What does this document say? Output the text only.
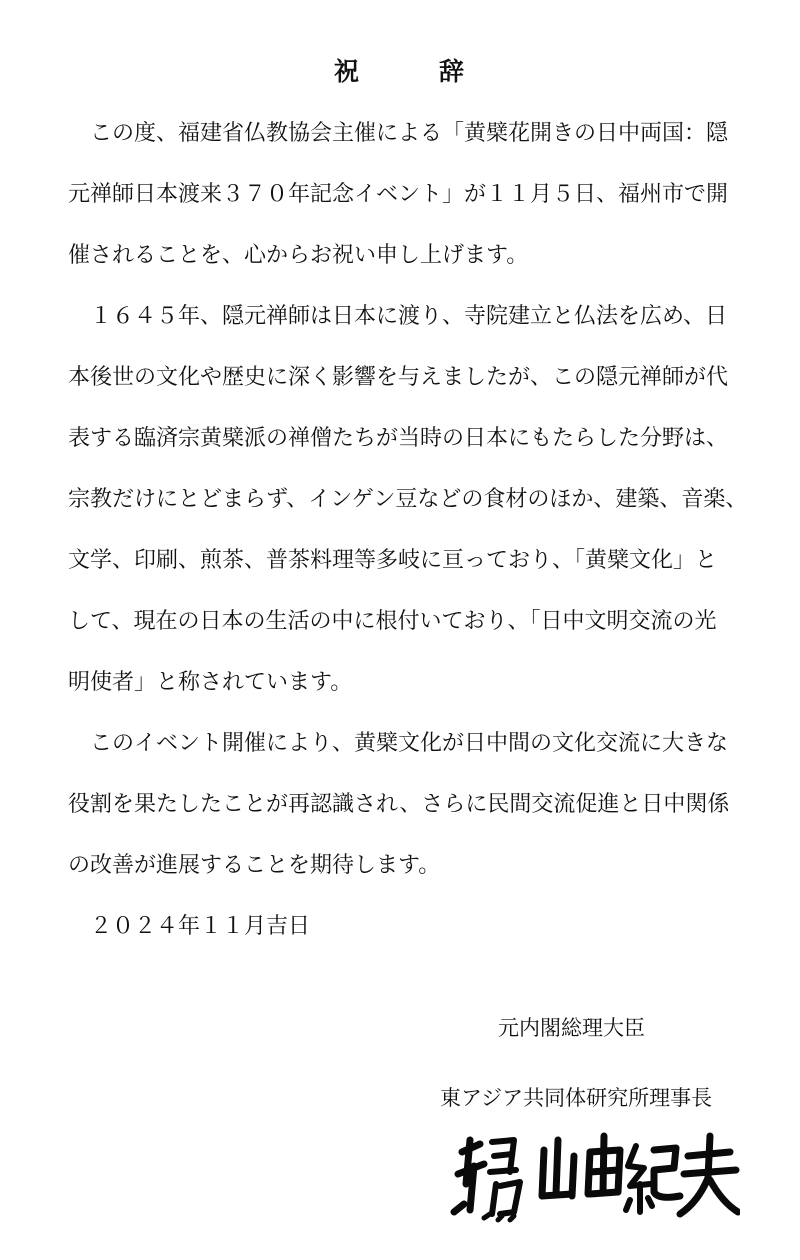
祝	辞
この度、福建省仏教協会主催による「黄檗花開きの日中両国：隠
元禅師日本渡来３７０年記念イベント」が１１月５日、福州市で開
催されることを、心からお祝い申し上げます。
１６４５年、隠元禅師は日本に渡り、寺院建立と仏法を広め、日
本後世の文化や歴史に深く影響を与えましたが、この隠元禅師が代
表する臨済宗黄檗派の禅僧たちが当時の日本にもたらした分野は、
宗教だけにとどまらず、インゲン豆などの食材のほか、建築、音楽、
文学、印刷、煎茶、普茶料理等多岐に亘っており、「黄檗文化」と
して、現在の日本の生活の中に根付いており、「日中文明交流の光
明使者」と称されています。
このイベント開催により、黄檗文化が日中間の文化交流に大きな
役割を果たしたことが再認識され、さらに民間交流促進と日中関係
の改善が進展することを期待します。

２０２４年１１月吉日

元内閣総理大臣
東アジア共同体研究所理事長
